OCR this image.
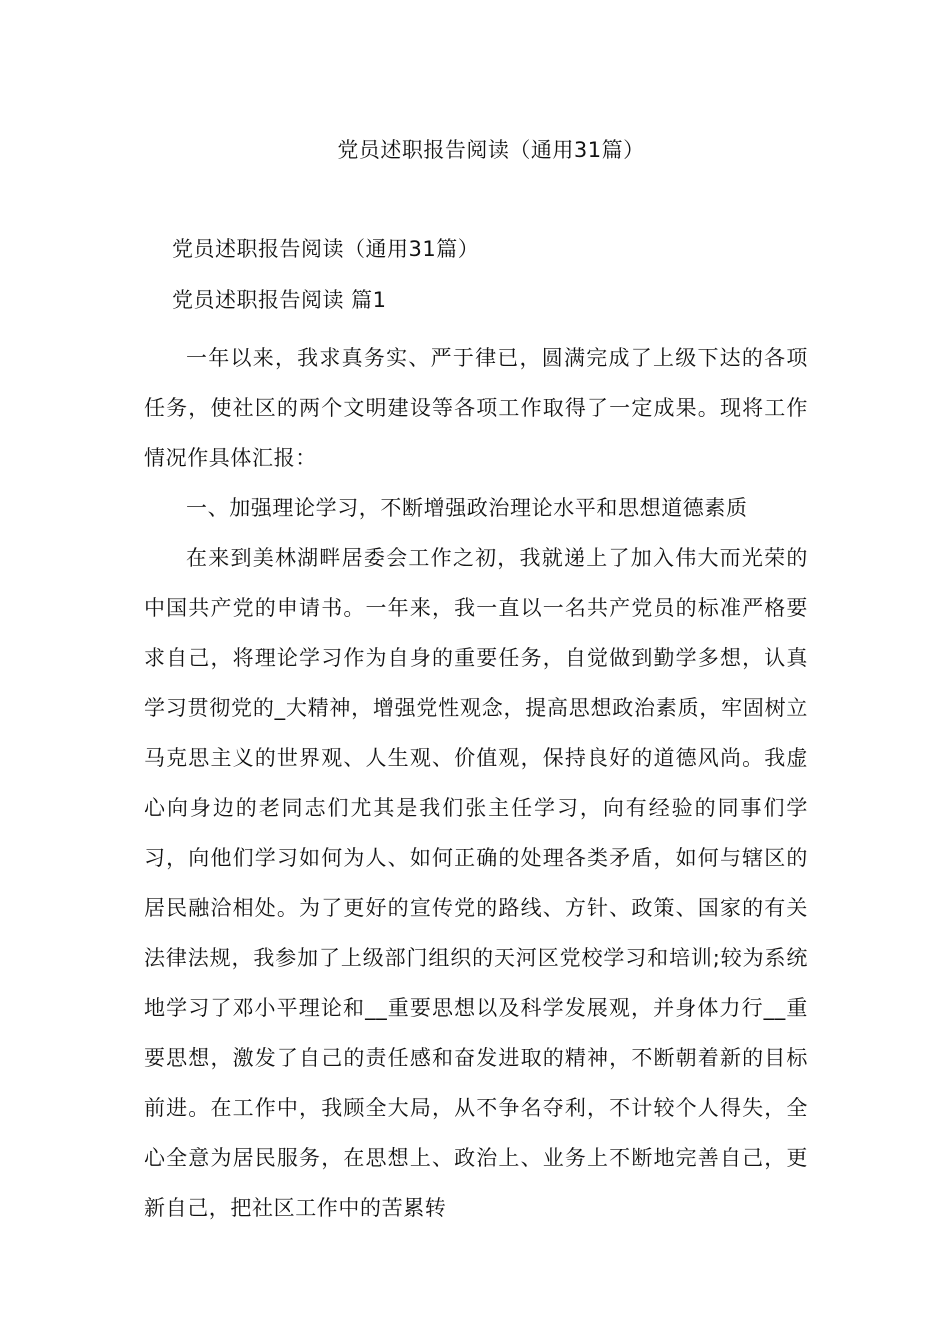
党员述职报告阅读（通用31篇）
党员述职报告阅读（通用31篇）
党员述职报告阅读 篇1

一年以来，我求真务实、严于律已，圆满完成了上级下达的各项任务，使社区的两个文明建设等各项工作取得了一定成果。现将工作情况作具体汇报：

一、加强理论学习，不断增强政治理论水平和思想道德素质

在来到美林湖畔居委会工作之初，我就递上了加入伟大而光荣的中国共产党的申请书。一年来，我一直以一名共产党员的标准严格要求自己，将理论学习作为自身的重要任务，自觉做到勤学多想，认真学习贯彻党的_大精神，增强党性观念，提高思想政治素质，牢固树立马克思主义的世界观、人生观、价值观，保持良好的道德风尚。我虚心向身边的老同志们尤其是我们张主任学习，向有经验的同事们学习，向他们学习如何为人、如何正确的处理各类矛盾，如何与辖区的居民融洽相处。为了更好的宣传党的路线、方针、政策、国家的有关法律法规，我参加了上级部门组织的天河区党校学习和培训;较为系统地学习了邓小平理论和__重要思想以及科学发展观，并身体力行__重要思想，激发了自己的责任感和奋发进取的精神，不断朝着新的目标前进。在工作中，我顾全大局，从不争名夺利，不计较个人得失，全心全意为居民服务，在思想上、政治上、业务上不断地完善自己，更新自己，把社区工作中的苦累转
